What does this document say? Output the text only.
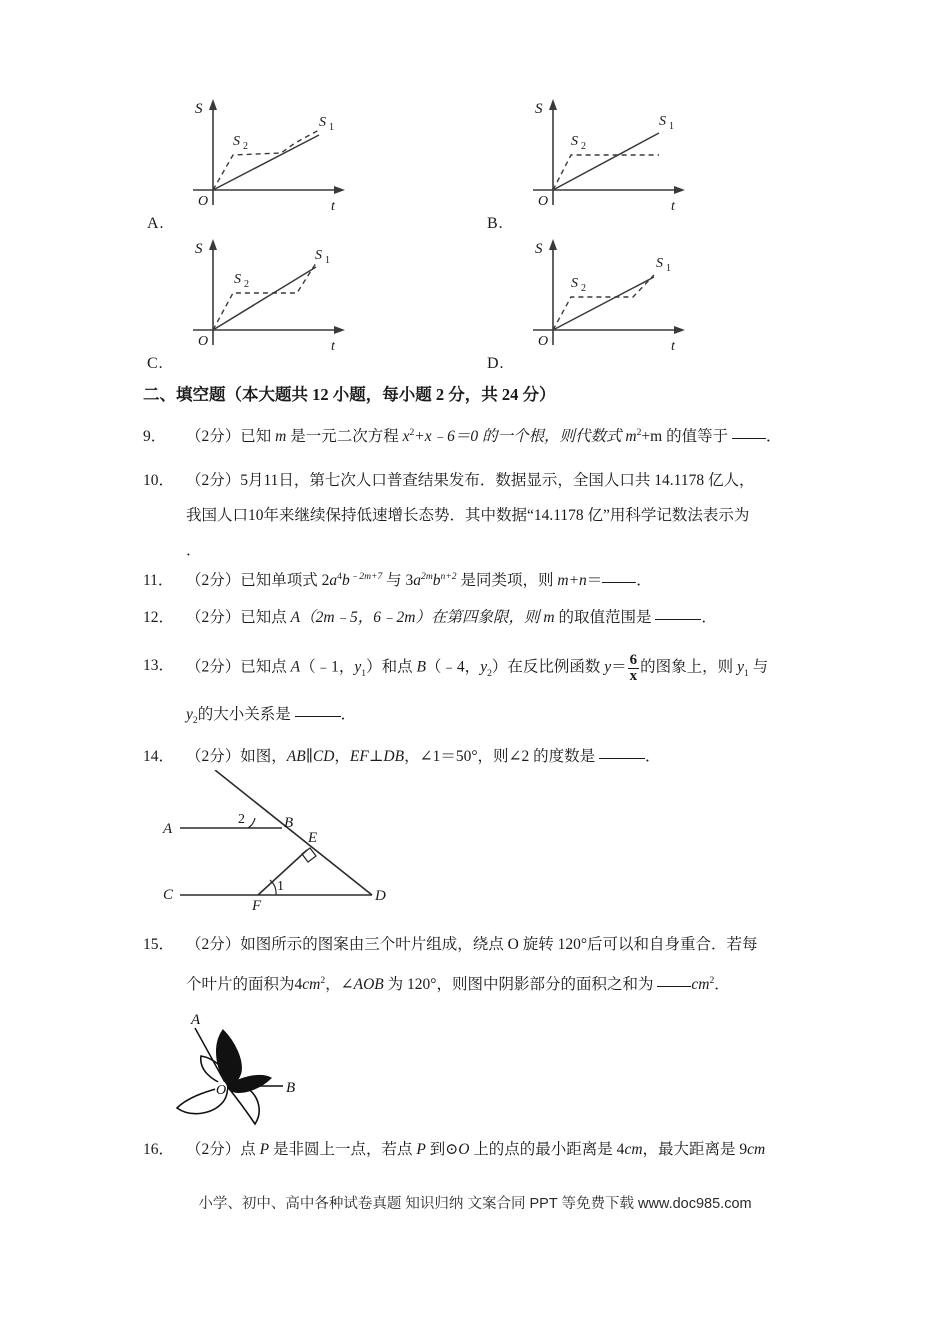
A.
S
t
O
S 1
S 2
B.
S
t
O
S 1
S 2
C.
S
t
O
S 1
S 2
D.
S
t
O
S 1
S 2
二、填空题（本大题共 12 小题，每小题 2 分，共 24 分）
9． （2分）已知 m 是一元二次方程 $x^2+x﹣6=0$ 的一个根，则代数式 $m^2+m$ 的值等于 ．
10． （2分）5月11日，第七次人口普查结果发布．数据显示，全国人口共 14.1178 亿人，
我国人口10年来继续保持低速增长态势．其中数据“14.1178 亿”用科学记数法表示为
．
11． （2分）已知单项式 $2a^4b^{﹣2m+7}$ 与 $3a^{2m}b^{n+2}$ 是同类项，则 m+n＝ ．
12． （2分）已知点 A（2m﹣5，6﹣2m）在第四象限，则 m 的取值范围是	．
13． （2分）已知点 A（﹣1，$y_1$）和点 B（﹣4，$y_2$）在反比例函数 $y= \frac{6}{x}$ 的图象上，则 $y_1$ 与
$y_2$的大小关系是	．
14． （2分）如图，AB∥CD，EF⊥DB，∠1＝50°，则∠2 的度数是	．
A	B
C	D
E
F
1
2
15． （2分）如图所示的图案由三个叶片组成，绕点 O 旋转 120°后可以和自身重合．若每
个叶片的面积为$4cm^2$，∠AOB 为 120°，则图中阴影部分的面积之和为 $cm^2$．
A
B
O
16． （2分）点 P 是非圆上一点，若点 P 到⊙O 上的点的最小距离是 4cm，最大距离是 9cm
小学、初中、高中各种试卷真题 知识归纳 文案合同 PPT 等免费下载 www.doc985.com
